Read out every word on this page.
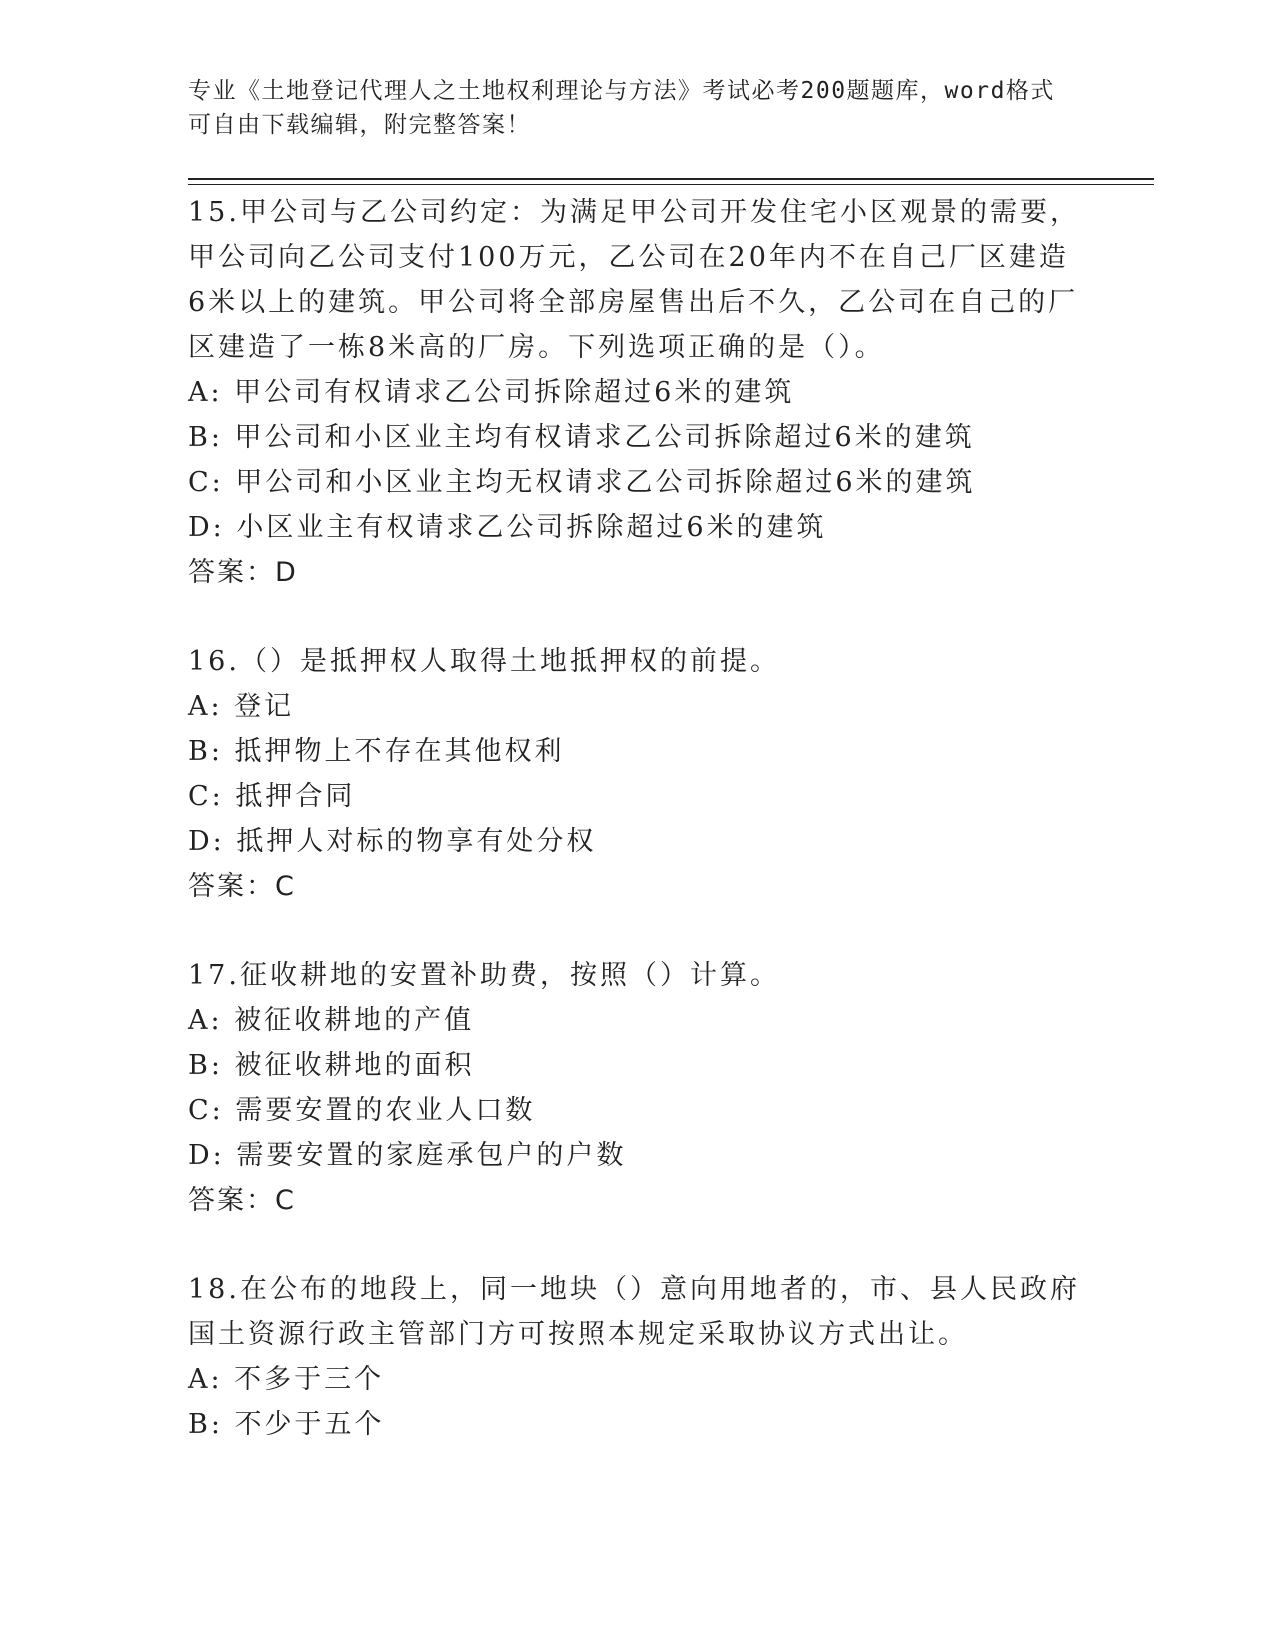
专业《土地登记代理人之土地权利理论与方法》考试必考200题题库，word格式
可自由下载编辑，附完整答案！

15.甲公司与乙公司约定：为满足甲公司开发住宅小区观景的需要，甲公司向乙公司支付100万元，乙公司在20年内不在自己厂区建造6米以上的建筑。甲公司将全部房屋售出后不久，乙公司在自己的厂区建造了一栋8米高的厂房。下列选项正确的是（）。

A: 甲公司有权请求乙公司拆除超过6米的建筑

B: 甲公司和小区业主均有权请求乙公司拆除超过6米的建筑

C: 甲公司和小区业主均无权请求乙公司拆除超过6米的建筑

D: 小区业主有权请求乙公司拆除超过6米的建筑

答案：D

16.（）是抵押权人取得土地抵押权的前提。

A: 登记

B: 抵押物上不存在其他权利

C: 抵押合同

D: 抵押人对标的物享有处分权

答案：C

17.征收耕地的安置补助费，按照（）计算。

A: 被征收耕地的产值

B: 被征收耕地的面积

C: 需要安置的农业人口数

D: 需要安置的家庭承包户的户数

答案：C

18.在公布的地段上，同一地块（）意向用地者的，市、县人民政府国土资源行政主管部门方可按照本规定采取协议方式出让。

A: 不多于三个

B: 不少于五个
